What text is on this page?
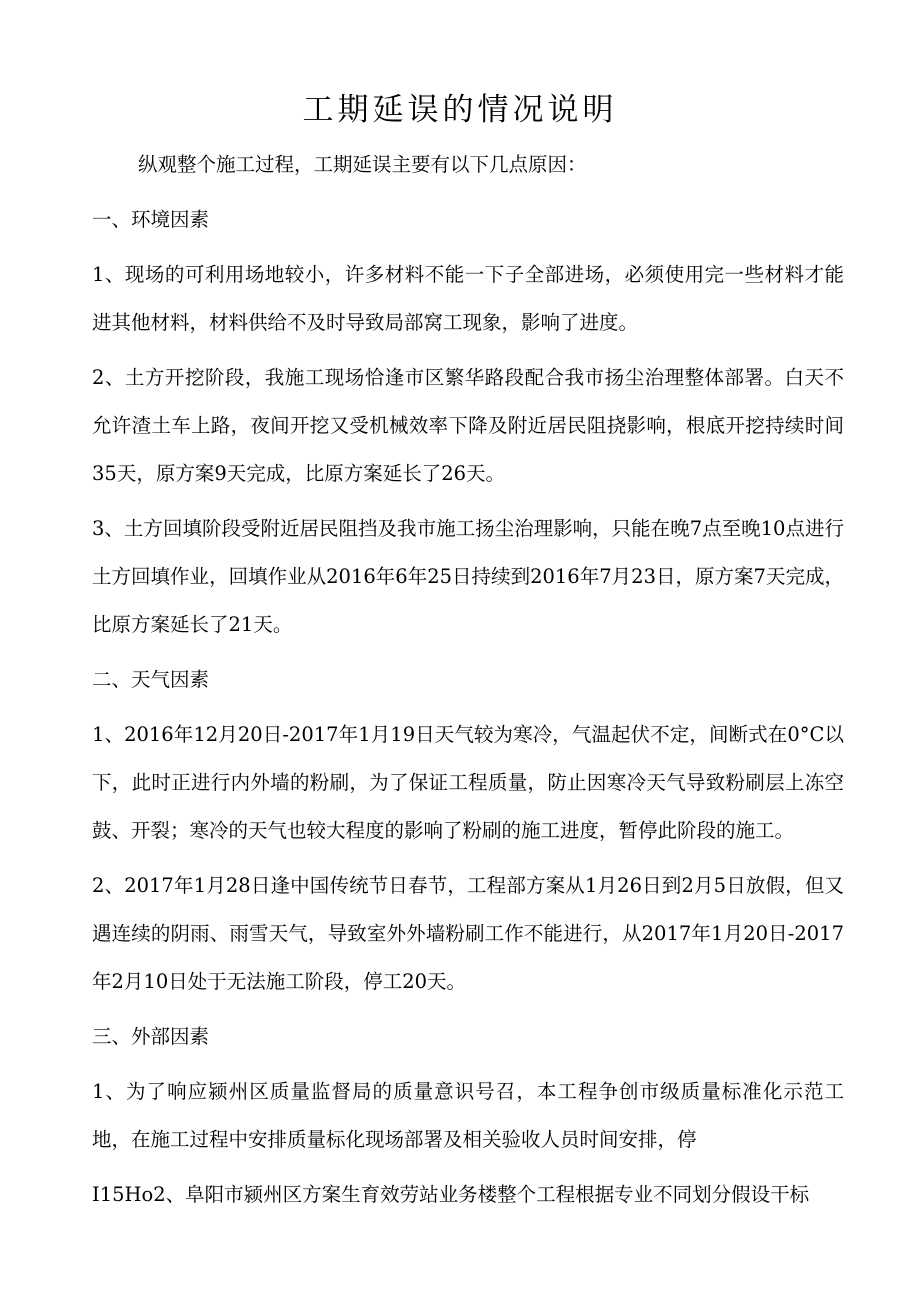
工期延误的情况说明

纵观整个施工过程，工期延误主要有以下几点原因：

一、环境因素

1、现场的可利用场地较小，许多材料不能一下子全部进场，必须使用完一些材料才能进其他材料，材料供给不及时导致局部窝工现象，影响了进度。

2、土方开挖阶段，我施工现场恰逢市区繁华路段配合我市扬尘治理整体部署。白天不允许渣土车上路，夜间开挖又受机械效率下降及附近居民阻挠影响，根底开挖持续时间35天，原方案9天完成，比原方案延长了26天。

3、土方回填阶段受附近居民阻挡及我市施工扬尘治理影响，只能在晚7点至晚10点进行土方回填作业，回填作业从2016年6年25日持续到2016年7月23日，原方案7天完成，比原方案延长了21天。

二、天气因素

1、2016年12月20日-2017年1月19日天气较为寒冷，气温起伏不定，间断式在0°C以下，此时正进行内外墙的粉刷，为了保证工程质量，防止因寒冷天气导致粉刷层上冻空鼓、开裂；寒冷的天气也较大程度的影响了粉刷的施工进度，暂停此阶段的施工。

2、2017年1月28日逢中国传统节日春节，工程部方案从1月26日到2月5日放假，但又遇连续的阴雨、雨雪天气，导致室外外墙粉刷工作不能进行，从2017年1月20日-2017年2月10日处于无法施工阶段，停工20天。

三、外部因素

1、为了响应颍州区质量监督局的质量意识号召，本工程争创市级质量标准化示范工地，在施工过程中安排质量标化现场部署及相关验收人员时间安排，停

I15Ho2、阜阳市颍州区方案生育效劳站业务楼整个工程根据专业不同划分假设干标
